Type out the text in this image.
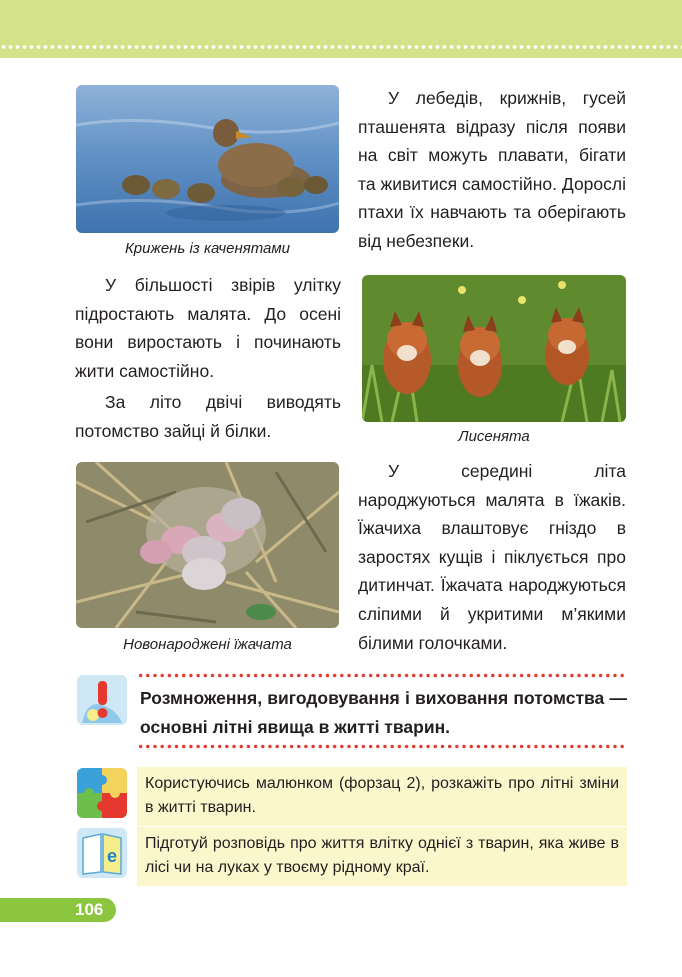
Крижень із каченятами

У лебедів, крижнів, гусей пташенята відразу після появи на світ можуть плавати, бігати та живитися самостійно. Дорослі птахи їх навчають та оберігають від небезпеки.

У більшості звірів улітку підростають малята. До осені вони виростають і починають жити самостійно.

За літо двічі виводять потомство зайці й білки.	Лисенята
Новонароджені їжачата

У середині літа народжуються малята в їжаків. Їжачиха влаштовує гніздо в заростях кущів і піклується про дитинчат. Їжачата народжуються сліпими й укритими м’якими білими голочками.

Розмноження, вигодовування і виховання потомства — основні літні явища в житті тварин.

Користуючись малюнком (форзац 2), розкажіть про літні зміни в житті тварин.
e
Підготуй розповідь про життя влітку однієї з тварин, яка живе в лісі чи на луках у твоєму рідному краї.
106
